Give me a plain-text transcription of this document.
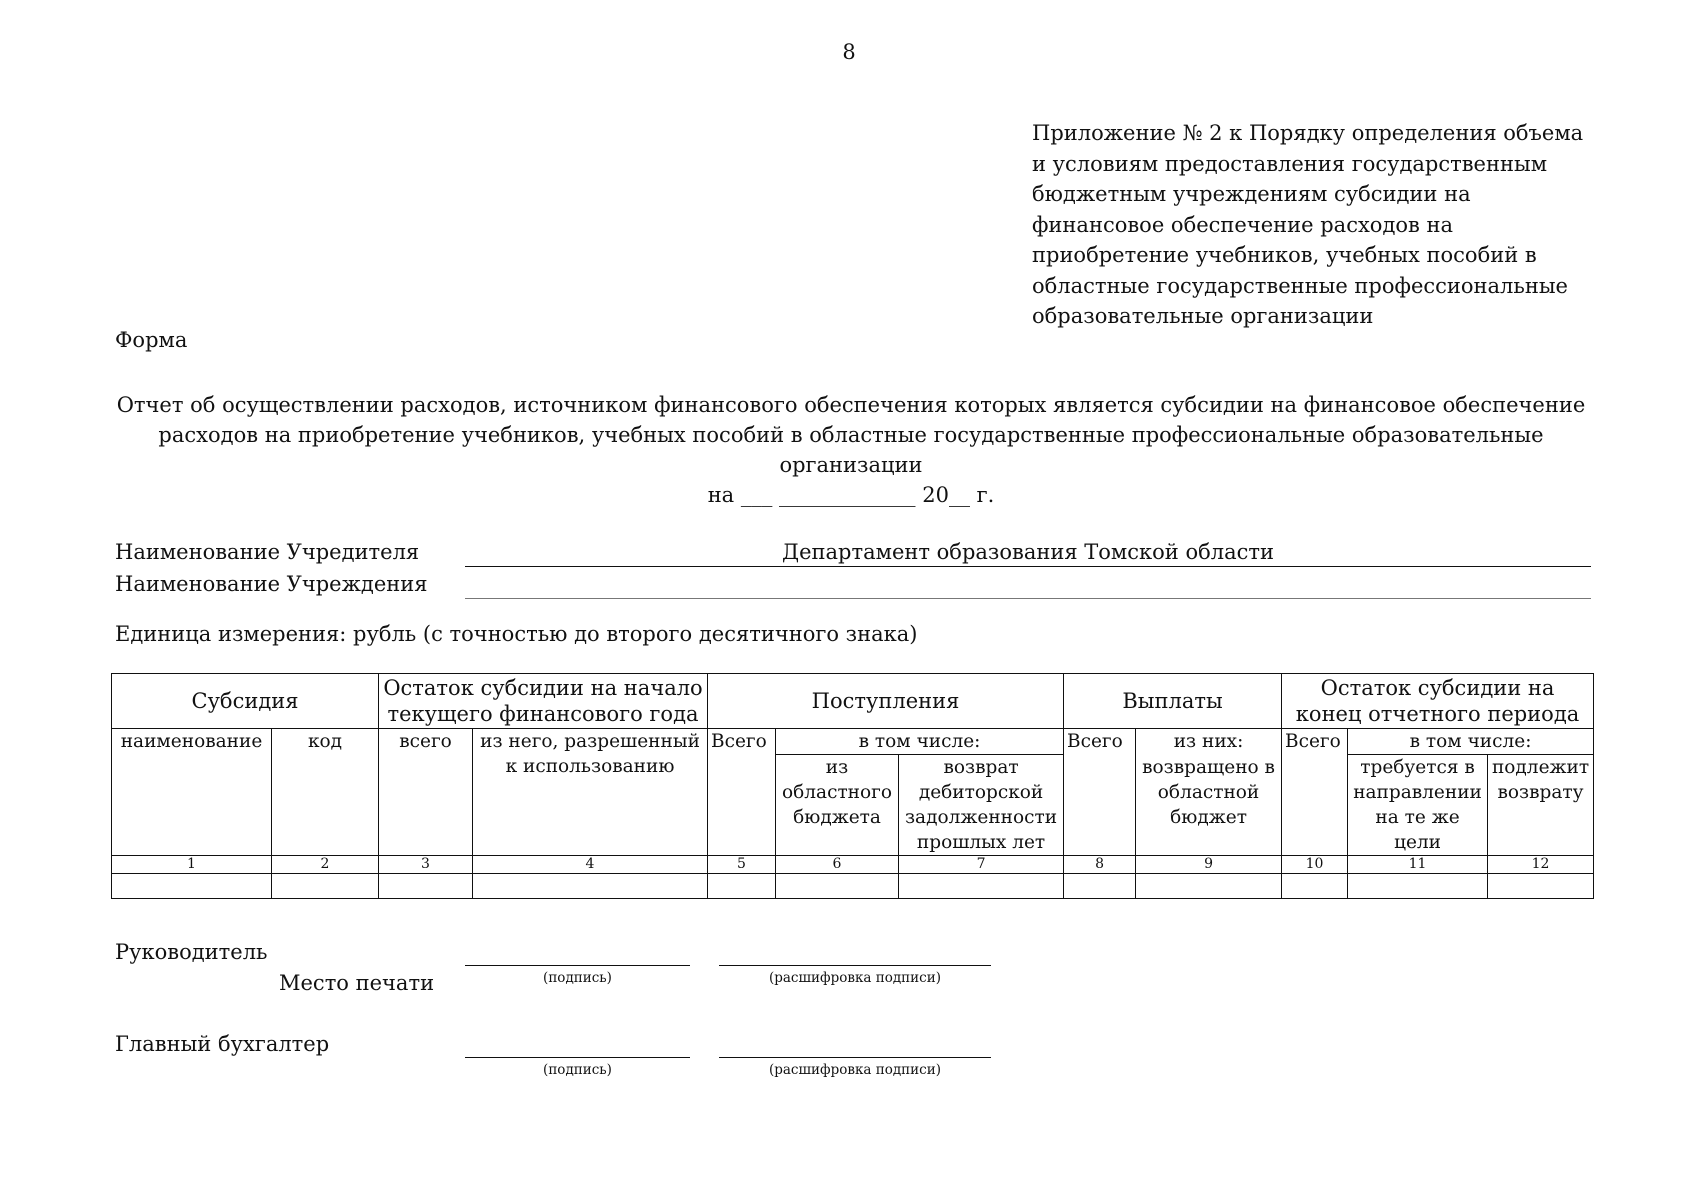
8
Приложение № 2 к Порядку определения объема
и условиям предоставления государственным
бюджетным учреждениям субсидии на
финансовое обеспечение расходов на
приобретение учебников, учебных пособий в
областные государственные профессиональные
образовательные организации
Форма
Отчет об осуществлении расходов, источником финансового обеспечения которых является субсидии на финансовое обеспечение
расходов на приобретение учебников, учебных пособий в областные государственные профессиональные образовательные
организации
на ___ _____________ 20__ г.
Наименование Учредителя	Департамент образования Томской области
Наименование Учреждения
Единица измерения: рубль (с точностью до второго десятичного знака)
Субсидия		Остаток субсидии на начало текущего финансового года		Поступления			Выплаты		Остаток субсидии на конец отчетного периода		
наименование	код	всего	из него, разрешенный к использованию	Всего	в том числе:		Всего	из них:	Всего	в том числе:	
					из областного бюджета	возврат дебиторской задолженности прошлых лет		возвращено в областной бюджет		требуется в направлении на те же цели	подлежит возврату
1	2	3	4	5	6	7	8	9	10	11	12

Руководитель
Место печати	(подпись)	(расшифровка подписи)
Главный бухгалтер
(подпись)	(расшифровка подписи)
